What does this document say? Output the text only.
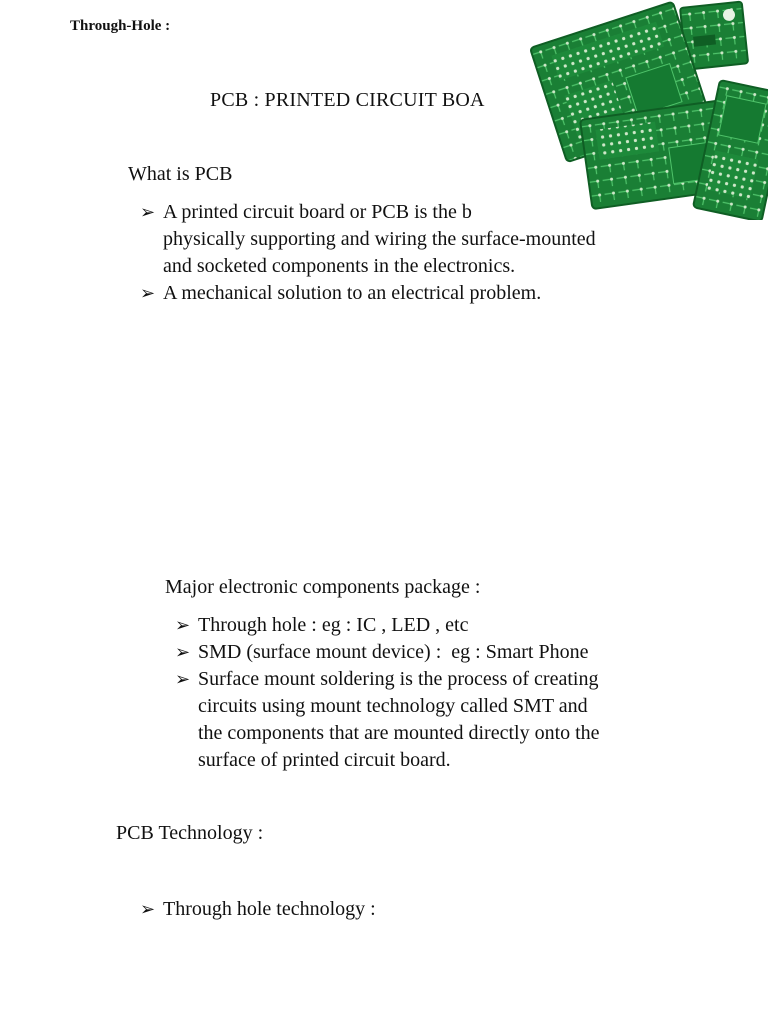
Through-Hole :
PCB : PRINTED CIRCUIT BOA
What is PCB
➢ A printed circuit board or PCB is the b
physically supporting and wiring the surface-mounted
and socketed components in the electronics.
➢ A mechanical solution to an electrical problem.
Major electronic components package :
➢ Through hole : eg : IC , LED , etc
➢ SMD (surface mount device) :  eg : Smart Phone
➢ Surface mount soldering is the process of creating
circuits using mount technology called SMT and
the components that are mounted directly onto the
surface of printed circuit board.
PCB Technology :
➢ Through hole technology :
